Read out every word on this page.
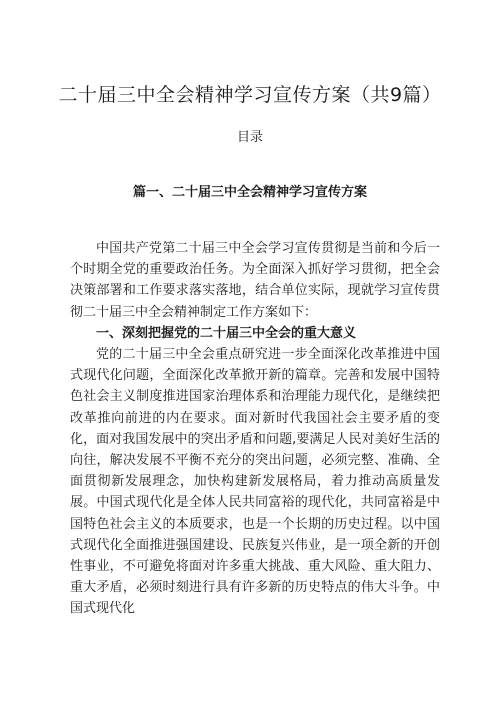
二十届三中全会精神学习宣传方案（共9篇）

目录

篇一、二十届三中全会精神学习宣传方案

中国共产党第二十届三中全会学习宣传贯彻是当前和今后一个时期全党的重要政治任务。为全面深入抓好学习贯彻，把全会决策部署和工作要求落实落地，结合单位实际，现就学习宣传贯彻二十届三中全会精神制定工作方案如下：

一、深刻把握党的二十届三中全会的重大意义

党的二十届三中全会重点研究进一步全面深化改革推进中国式现代化问题，全面深化改革掀开新的篇章。完善和发展中国特色社会主义制度推进国家治理体系和治理能力现代化，是继续把改革推向前进的内在要求。面对新时代我国社会主要矛盾的变化，面对我国发展中的突出矛盾和问题,要满足人民对美好生活的向往，解决发展不平衡不充分的突出问题，必须完整、准确、全面贯彻新发展理念，加快构建新发展格局，着力推动高质量发展。中国式现代化是全体人民共同富裕的现代化，共同富裕是中国特色社会主义的本质要求，也是一个长期的历史过程。以中国式现代化全面推进强国建设、民族复兴伟业，是一项全新的开创性事业，不可避免将面对许多重大挑战、重大风险、重大阻力、重大矛盾，必须时刻进行具有许多新的历史特点的伟大斗争。中国式现代化
